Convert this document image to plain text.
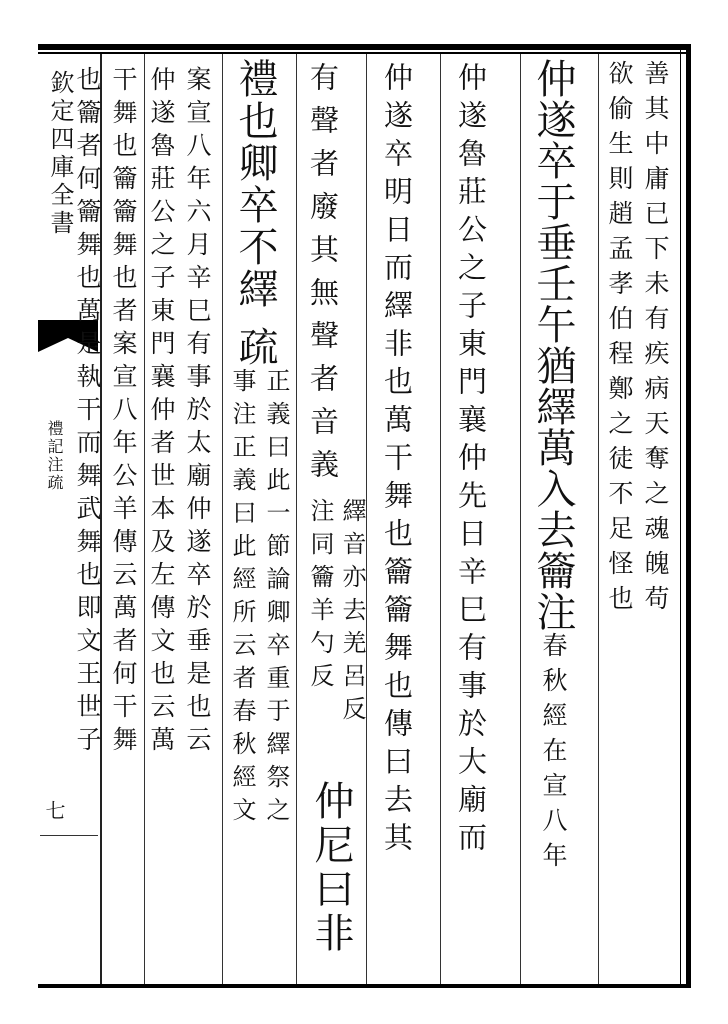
欽定四庫全書
禮記注疏
七
善其中庸已下未有疾病天奪之魂魄苟
欲偷生則趙孟孝伯程鄭之徒不足怪也
仲遂卒于垂壬午猶繹萬入去籥注春秋經在宣八年
仲遂魯莊公之子東門襄仲先日辛巳有事於大廟而
仲遂卒明日而繹非也萬干舞也籥籥舞也傳曰去其
有聲者廢其無聲者音義
繹音亦去羌呂反
注同籥羊勺反
仲尼曰非
禮也卿卒不繹
疏
正義曰此一節論卿卒重于繹祭之
事注正義曰此經所云者春秋經文
案宣八年六月辛巳有事於太廟仲遂卒於垂是也云
仲遂魯莊公之子東門襄仲者世本及左傳文也云萬
干舞也籥籥舞也者案宣八年公羊傳云萬者何干舞
也籥者何籥舞也萬是執干而舞武舞也即文王世子
